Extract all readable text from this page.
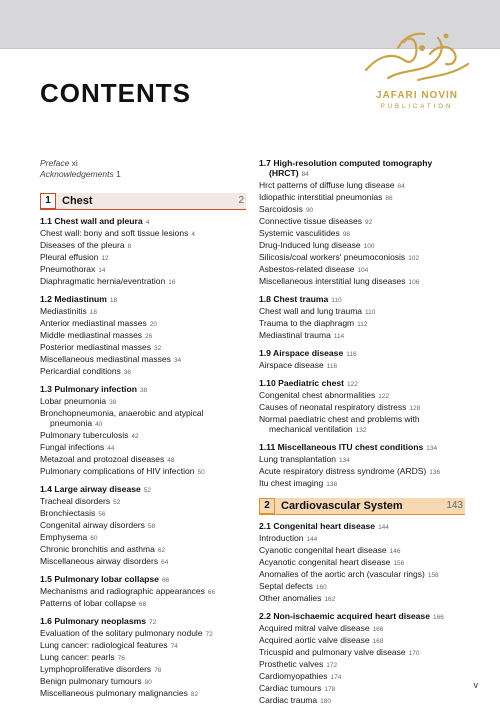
JAFARI NOVIN
PUBLICATION
CONTENTS
Preface xi
Acknowledgements 1
1	Chest	2
1.1 Chest wall and pleura 4
Chest wall: bony and soft tissue lesions 4
Diseases of the pleura 8
Pleural effusion 12
Pneumothorax 14
Diaphragmatic hernia/eventration 16
1.2 Mediastinum 18
Mediastinitis 18
Anterior mediastinal masses 20
Middle mediastinal masses 26
Posterior mediastinal masses 32
Miscellaneous mediastinal masses 34
Pericardial conditions 36
1.3 Pulmonary infection 38
Lobar pneumonia 38
Bronchopneumonia, anaerobic and atypical
pneumonia 40
Pulmonary tuberculosis 42
Fungal infections 44
Metazoal and protozoal diseases 48
Pulmonary complications of HIV infection 50
1.4 Large airway disease 52
Tracheal disorders 52
Bronchiectasis 56
Congenital airway disorders 58
Emphysema 60
Chronic bronchitis and asthma 62
Miscellaneous airway disorders 64
1.5 Pulmonary lobar collapse 66
Mechanisms and radiographic appearances 66
Patterns of lobar collapse 68
1.6 Pulmonary neoplasms 72
Evaluation of the solitary pulmonary nodule 72
Lung cancer: radiological features 74
Lung cancer: pearls 76
Lymphoproliferative disorders 78
Benign pulmonary tumours 80
Miscellaneous pulmonary malignancies 82
1.7 High-resolution computed tomography
(HRCT) 84
Hrct patterns of diffuse lung disease 84
Idiopathic interstitial pneumonias 86
Sarcoidosis 90
Connective tissue diseases 92
Systemic vasculitides 98
Drug-Induced lung disease 100
Silicosis/coal workers' pneumoconiosis 102
Asbestos-related disease 104
Miscellaneous interstitial lung diseases 106
1.8 Chest trauma 110
Chest wall and lung trauma 110
Trauma to the diaphragm 112
Mediastinal trauma 114
1.9 Airspace disease 116
Airspace disease 116
1.10 Paediatric chest 122
Congenital chest abnormalities 122
Causes of neonatal respiratory distress 128
Normal paediatric chest and problems with
mechanical ventilation 132
1.11 Miscellaneous ITU chest conditions 134
Lung transplantation 134
Acute respiratory distress syndrome (ARDS) 136
Itu chest imaging 138
2	Cardiovascular System	143
2.1 Congenital heart disease 144
Introduction 144
Cyanotic congenital heart disease 146
Acyanotic congenital heart disease 156
Anomalies of the aortic arch (vascular rings) 158
Septal defects 160
Other anomalies 162
2.2 Non-ischaemic acquired heart disease 166
Acquired mitral valve disease 166
Acquired aortic valve disease 168
Tricuspid and pulmonary valve disease 170
Prosthetic valves 172
Cardiomyopathies 174
Cardiac tumours 178
Cardiac trauma 180
v
